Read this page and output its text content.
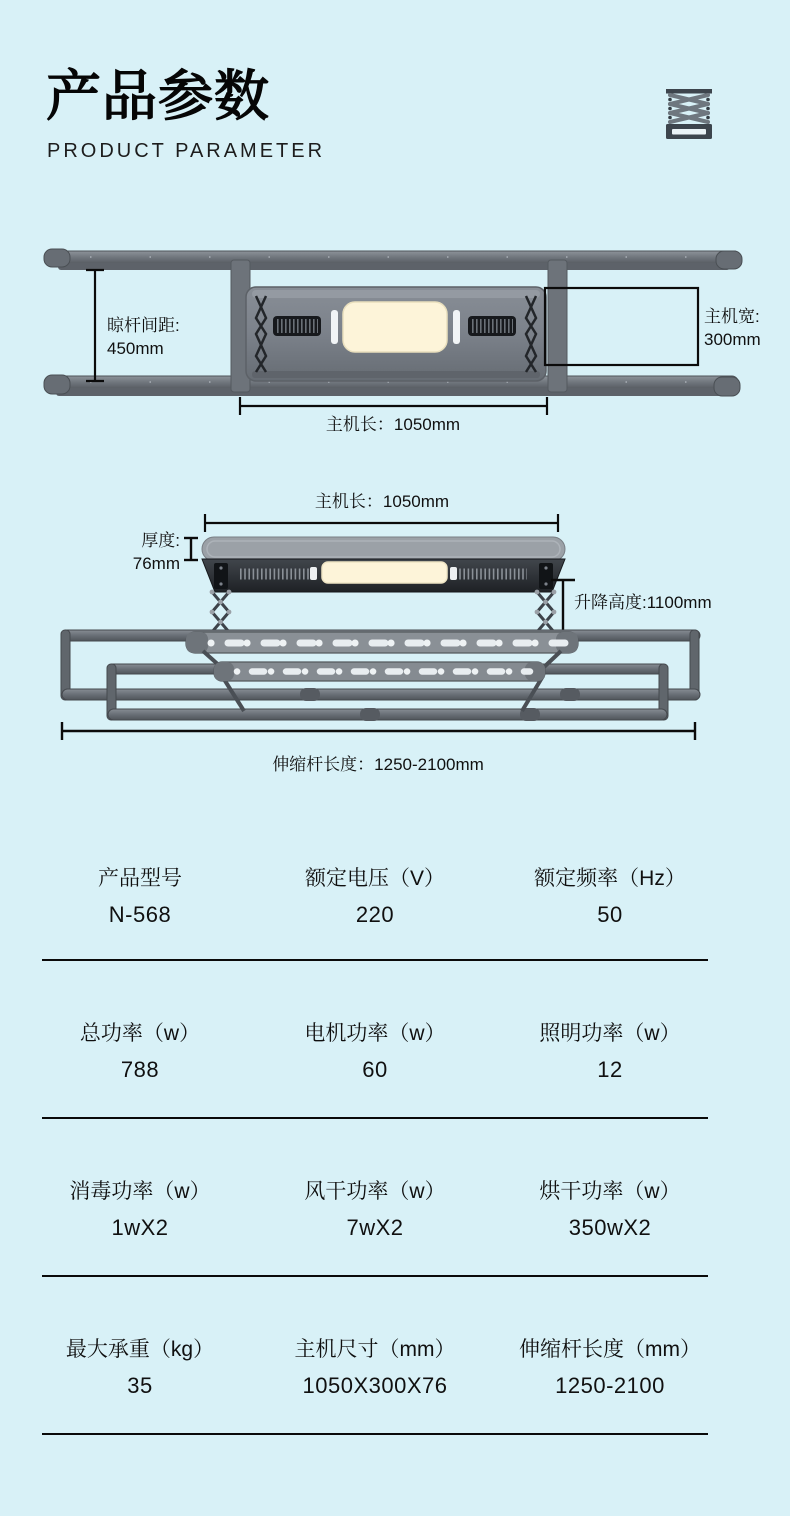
产品参数
PRODUCT PARAMETER
晾杆间距:
450mm
主机宽:
300mm
主机长：1050mm
主机长：1050mm
厚度:
76mm
升降高度:1100mm
伸缩杆长度：1250-2100mm
产品型号
N-568
额定电压（V）
220
额定频率（Hz）
50
总功率（w）
788
电机功率（w）
60
照明功率（w）
12
消毒功率（w）
1wX2
风干功率（w）
7wX2
烘干功率（w）
350wX2
最大承重（kg）
35
主机尺寸（mm）
1050X300X76
伸缩杆长度（mm）
1250-2100
